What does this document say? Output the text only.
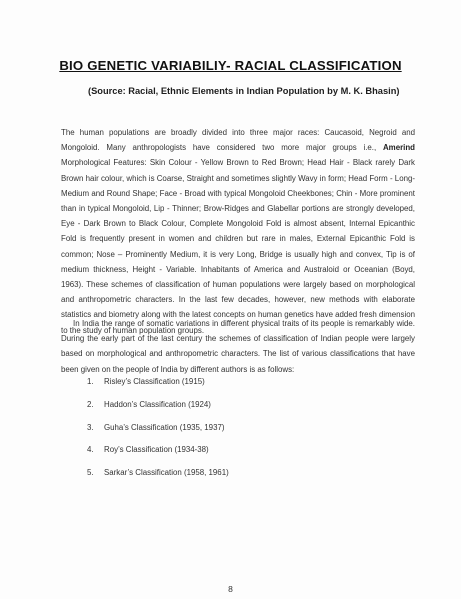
BIO GENETIC VARIABILIY- RACIAL CLASSIFICATION
(Source: Racial, Ethnic Elements in Indian Population by M. K. Bhasin)

The human populations are broadly divided into three major races: Caucasoid, Negroid and Mongoloid. Many anthropologists have considered two more major groups i.e., Amerind Morphological Features: Skin Colour - Yellow Brown to Red Brown; Head Hair - Black rarely Dark Brown hair colour, which is Coarse, Straight and sometimes slightly Wavy in form; Head Form - Long-Medium and Round Shape; Face - Broad with typical Mongoloid Cheekbones; Chin - More prominent than in typical Mongoloid, Lip - Thinner; Brow-Ridges and Glabellar portions are strongly developed, Eye - Dark Brown to Black Colour, Complete Mongoloid Fold is almost absent, Internal Epicanthic Fold is frequently present in women and children but rare in males, External Epicanthic Fold is common; Nose – Prominently Medium, it is very Long, Bridge is usually high and convex, Tip is of medium thickness, Height - Variable. Inhabitants of America and Australoid or Oceanian (Boyd, 1963). These schemes of classification of human populations were largely based on morphological and anthropometric characters. In the last few decades, however, new methods with elaborate statistics and biometry along with the latest concepts on human genetics have added fresh dimension to the study of human population groups.

In India the range of somatic variations in different physical traits of its people is remarkably wide. During the early part of the last century the schemes of classification of Indian people were largely based on morphological and anthropometric characters. The list of various classifications that have been given on the people of India by different authors is as follows:

1. Risley’s Classification (1915)
2. Haddon’s Classification (1924)
3. Guha’s Classification (1935, 1937)
4. Roy’s Classification (1934-38)
5. Sarkar’s Classification (1958, 1961)
8
